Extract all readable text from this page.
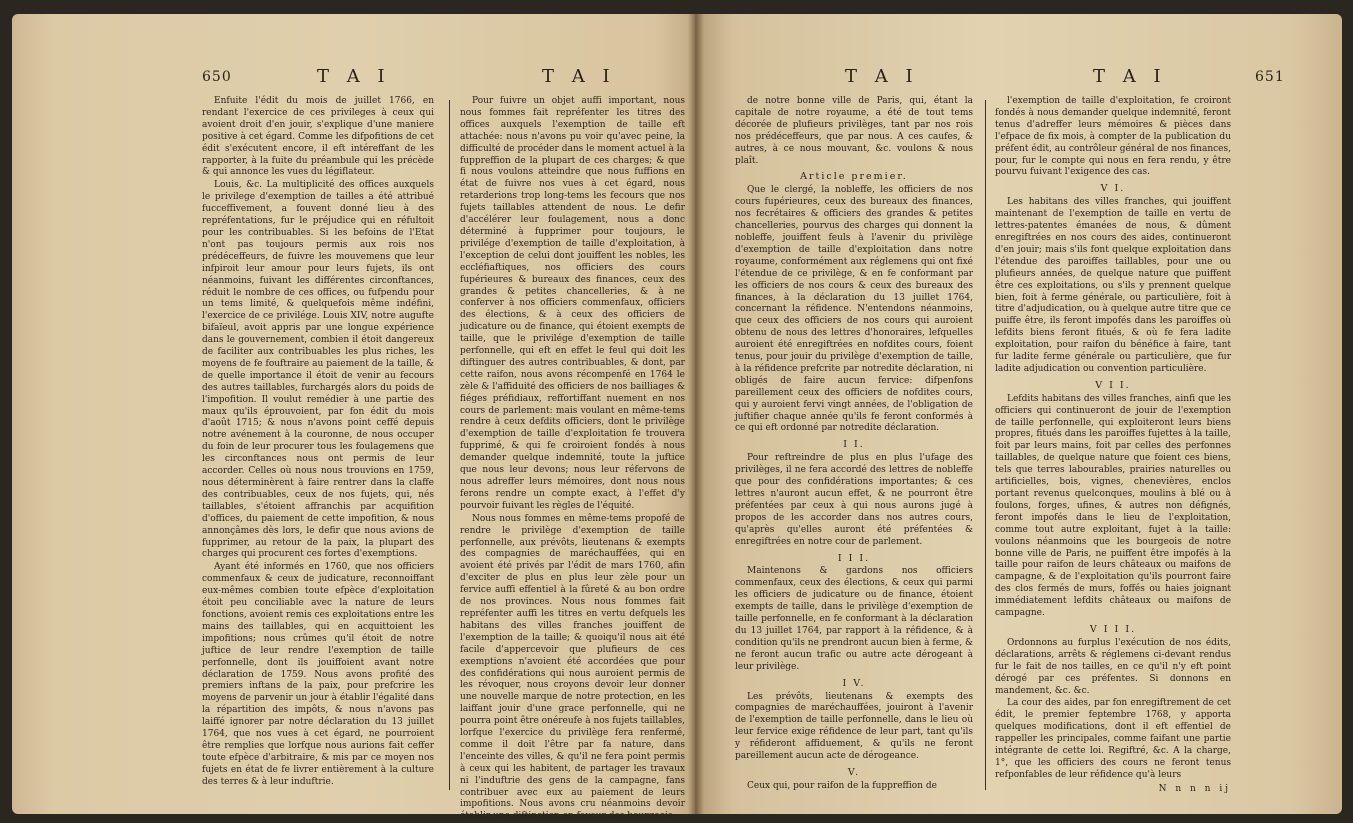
650	T A I	T A I

Enfuite l'édit du mois de juillet 1766, en rendant l'exercice de ces privileges à ceux qui avoient droit d'en jouir, s'explique d'une maniere positive à cet égard. Comme les difpofitions de cet édit s'exécutent encore, il eft intéreffant de les rapporter, à la fuite du préambule qui les précède & qui annonce les vues du légiflateur.

Louis, &c. La multiplicité des offices auxquels le privilege d'exemption de tailles a été attribué fucceffivement, a fouvent donné lieu à des repréfentations, fur le préjudice qui en réfultoit pour les contribuables. Si les befoins de l'Etat n'ont pas toujours permis aux rois nos prédéceffeurs, de fuivre les mouvemens que leur infpiroit leur amour pour leurs fujets, ils ont néanmoins, fuivant les différentes circonftances, réduit le nombre de ces offices, ou fufpendu pour un tems limité, & quelquefois même indéfini, l'exercice de ce privilége. Louis XIV, notre augufte bifaïeul, avoit appris par une longue expérience dans le gouvernement, combien il étoit dangereux de faciliter aux contribuables les plus riches, les moyens de fe fouftraire au paiement de la taille, & de quelle importance il étoit de venir au fecours des autres taillables, furchargés alors du poids de l'impofition. Il voulut remédier à une partie des maux qu'ils éprouvoient, par fon édit du mois d'août 1715; & nous n'avons point ceffé depuis notre avénement à la couronne, de nous occuper du foin de leur procurer tous les foulagemens que les circonftances nous ont permis de leur accorder. Celles où nous nous trouvions en 1759, nous déterminèrent à faire rentrer dans la claffe des contribuables, ceux de nos fujets, qui, nés taillables, s'étoient affranchis par acquifition d'offices, du paiement de cette impofition, & nous annonçâmes dès lors, le defir que nous avions de fupprimer, au retour de la paix, la plupart des charges qui procurent ces fortes d'exemptions.

Ayant été informés en 1760, que nos officiers commenfaux & ceux de judicature, reconnoiffant eux-mêmes combien toute efpèce d'exploitation étoit peu conciliable avec la nature de leurs fonctions, avoient remis ces exploitations entre les mains des taillables, qui en acquittoient les impofitions; nous crûmes qu'il étoit de notre juftice de leur rendre l'exemption de taille perfonnelle, dont ils jouiffoient avant notre déclaration de 1759. Nous avons profité des premiers inftans de la paix, pour prefcrire les moyens de parvenir un jour à établir l'égalité dans la répartition des impôts, & nous n'avons pas laiffé ignorer par notre déclaration du 13 juillet 1764, que nos vues à cet égard, ne pourroient être remplies que lorfque nous aurions fait ceffer toute efpèce d'arbitraire, & mis par ce moyen nos fujets en état de fe livrer entièrement à la culture des terres & à leur induftrie.

Pour fuivre un objet auffi important, nous nous fommes fait repréfenter les titres des offices auxquels l'exemption de taille eft attachée: nous n'avons pu voir qu'avec peine, la difficulté de procéder dans le moment actuel à la fuppreffion de la plupart de ces charges; & que fi nous voulons atteindre que nous fuffions en état de fuivre nos vues à cet égard, nous retarderions trop long-tems les fecours que nos fujets taillables attendent de nous. Le defir d'accélérer leur foulagement, nous a donc déterminé à fupprimer pour toujours, le privilége d'exemption de taille d'exploitation, à l'exception de celui dont jouiffent les nobles, les eccléfiaftiques, nos officiers des cours fupérieures & bureaux des finances, ceux des grandes & petites chancelleries, & à ne conferver à nos officiers commenfaux, officiers des élections, & à ceux des officiers de judicature ou de finance, qui étoient exempts de taille, que le privilége d'exemption de taille perfonnelle, qui eft en effet le feul qui doit les diftinguer des autres contribuables, & dont, par cette raifon, nous avons récompenfé en 1764 le zèle & l'affiduité des officiers de nos bailliages & fiéges préfidiaux, reffortiffant nuement en nos cours de parlement: mais voulant en même-tems rendre à ceux defdits officiers, dont le privilège d'exemption de taille d'exploitation fe trouvera fupprimé, & qui fe croiroient fondés à nous demander quelque indemnité, toute la juftice que nous leur devons; nous leur réfervons de nous adreffer leurs mémoires, dont nous nous ferons rendre un compte exact, à l'effet d'y pourvoir fuivant les règles de l'équité.

Nous nous fommes en même-tems propofé de rendre le privilège d'exemption de taille perfonnelle, aux prévôts, lieutenans & exempts des compagnies de maréchauffées, qui en avoient été privés par l'édit de mars 1760, afin d'exciter de plus en plus leur zèle pour un fervice auffi effentiel à la fûreté & au bon ordre de nos provinces. Nous nous fommes fait repréfenter auffi les titres en vertu defquels les habitans des villes franches jouiffent de l'exemption de la taille; & quoiqu'il nous ait été facile d'appercevoir que plufieurs de ces exemptions n'avoient été accordées que pour des confidérations qui nous auroient permis de les révoquer, nous croyons devoir leur donner une nouvelle marque de notre protection, en les laiffant jouir d'une grace perfonnelle, qui ne pourra point être onéreufe à nos fujets taillables, lorfque l'exercice du privilège fera renfermé, comme il doit l'être par fa nature, dans l'enceinte des villes, & qu'il ne fera point permis à ceux qui les habitent, de partager les travaux ni l'induftrie des gens de la campagne, fans contribuer avec eux au paiement de leurs impofitions. Nous avons cru néanmoins devoir établir une diftinction en faveur des bourgeois

T A I	T A I	651

de notre bonne ville de Paris, qui, étant la capitale de notre royaume, a été de tout tems décorée de plufieurs privilèges, tant par nos rois nos prédéceffeurs, que par nous. A ces caufes, & autres, à ce nous mouvant, &c. voulons & nous plaît.

Article premier.

Que le clergé, la nobleffe, les officiers de nos cours fupérieures, ceux des bureaux des finances, nos fecrétaires & officiers des grandes & petites chancelleries, pourvus des charges qui donnent la nobleffe, jouiffent feuls à l'avenir du privilège d'exemption de taille d'exploitation dans notre royaume, conformément aux réglemens qui ont fixé l'étendue de ce privilège, & en fe conformant par les officiers de nos cours & ceux des bureaux des finances, à la déclaration du 13 juillet 1764, concernant la réfidence. N'entendons néanmoins, que ceux des officiers de nos cours qui auroient obtenu de nous des lettres d'honoraires, lefquelles auroient été enregiftrées en nofdites cours, foient tenus, pour jouir du privilège d'exemption de taille, à la réfidence prefcrite par notredite déclaration, ni obligés de faire aucun fervice: difpenfons pareillement ceux des officiers de nofdites cours, qui y auroient fervi vingt années, de l'obligation de juftifier chaque année qu'ils fe feront conformés à ce qui eft ordonné par notredite déclaration.

I I.

Pour reftreindre de plus en plus l'ufage des privilèges, il ne fera accordé des lettres de nobleffe que pour des confidérations importantes; & ces lettres n'auront aucun effet, & ne pourront être préfentées par ceux à qui nous aurons jugé à propos de les accorder dans nos autres cours, qu'après qu'elles auront été préfentées & enregiftrées en notre cour de parlement.

I I I.

Maintenons & gardons nos officiers commenfaux, ceux des élections, & ceux qui parmi les officiers de judicature ou de finance, étoient exempts de taille, dans le privilège d'exemption de taille perfonnelle, en fe conformant à la déclaration du 13 juillet 1764, par rapport à la réfidence, & à condition qu'ils ne prendront aucun bien à ferme, & ne feront aucun trafic ou autre acte dérogeant à leur privilège.

I V.

Les prévôts, lieutenans & exempts des compagnies de maréchauffées, jouiront à l'avenir de l'exemption de taille perfonnelle, dans le lieu où leur fervice exige réfidence de leur part, tant qu'ils y réfideront affiduement, & qu'ils ne feront pareillement aucun acte de dérogeance.

V.

Ceux qui, pour raifon de la fuppreffion de

l'exemption de taille d'exploitation, fe croiront fondés à nous demander quelque indemnité, feront tenus d'adreffer leurs mémoires & pièces dans l'efpace de fix mois, à compter de la publication du préfent édit, au contrôleur général de nos finances, pour, fur le compte qui nous en fera rendu, y être pourvu fuivant l'exigence des cas.

V I.

Les habitans des villes franches, qui jouiffent maintenant de l'exemption de taille en vertu de lettres-patentes émanées de nous, & dûment enregiftrées en nos cours des aides, continueront d'en jouir; mais s'ils font quelque exploitation dans l'étendue des paroiffes taillables, pour une ou plufieurs années, de quelque nature que puiffent être ces exploitations, ou s'ils y prennent quelque bien, foit à ferme générale, ou particulière, foit à titre d'adjudication, ou à quelque autre titre que ce puiffe être, ils feront impofés dans les paroiffes où lefdits biens feront fitués, & où fe fera ladite exploitation, pour raifon du bénéfice à faire, tant fur ladite ferme générale ou particulière, que fur ladite adjudication ou convention particulière.

V I I.

Lefdits habitans des villes franches, ainfi que les officiers qui continueront de jouir de l'exemption de taille perfonnelle, qui exploiteront leurs biens propres, fitués dans les paroiffes fujettes à la taille, foit par leurs mains, foit par celles des perfonnes taillables, de quelque nature que foient ces biens, tels que terres labourables, prairies naturelles ou artificielles, bois, vignes, chenevières, enclos portant revenus quelconques, moulins à blé ou à foulons, forges, ufines, & autres non défignés, feront impofés dans le lieu de l'exploitation, comme tout autre exploitant, fujet à la taille: voulons néanmoins que les bourgeois de notre bonne ville de Paris, ne puiffent être impofés à la taille pour raifon de leurs châteaux ou maifons de campagne, & de l'exploitation qu'ils pourront faire des clos fermés de murs, foffés ou haies joignant immédiatement lefdits châteaux ou maifons de campagne.

V I I I.

Ordonnons au furplus l'exécution de nos édits, déclarations, arrêts & réglemens ci-devant rendus fur le fait de nos tailles, en ce qu'il n'y eft point dérogé par ces préfentes. Si donnons en mandement, &c. &c.

La cour des aides, par fon enregiftrement de cet édit, le premier feptembre 1768, y apporta quelques modifications, dont il eft effentiel de rappeller les principales, comme faifant une partie intégrante de cette loi. Regiftré, &c. A la charge, 1°, que les officiers des cours ne feront tenus refponfables de leur réfidence qu'à leurs

N n n n ij
